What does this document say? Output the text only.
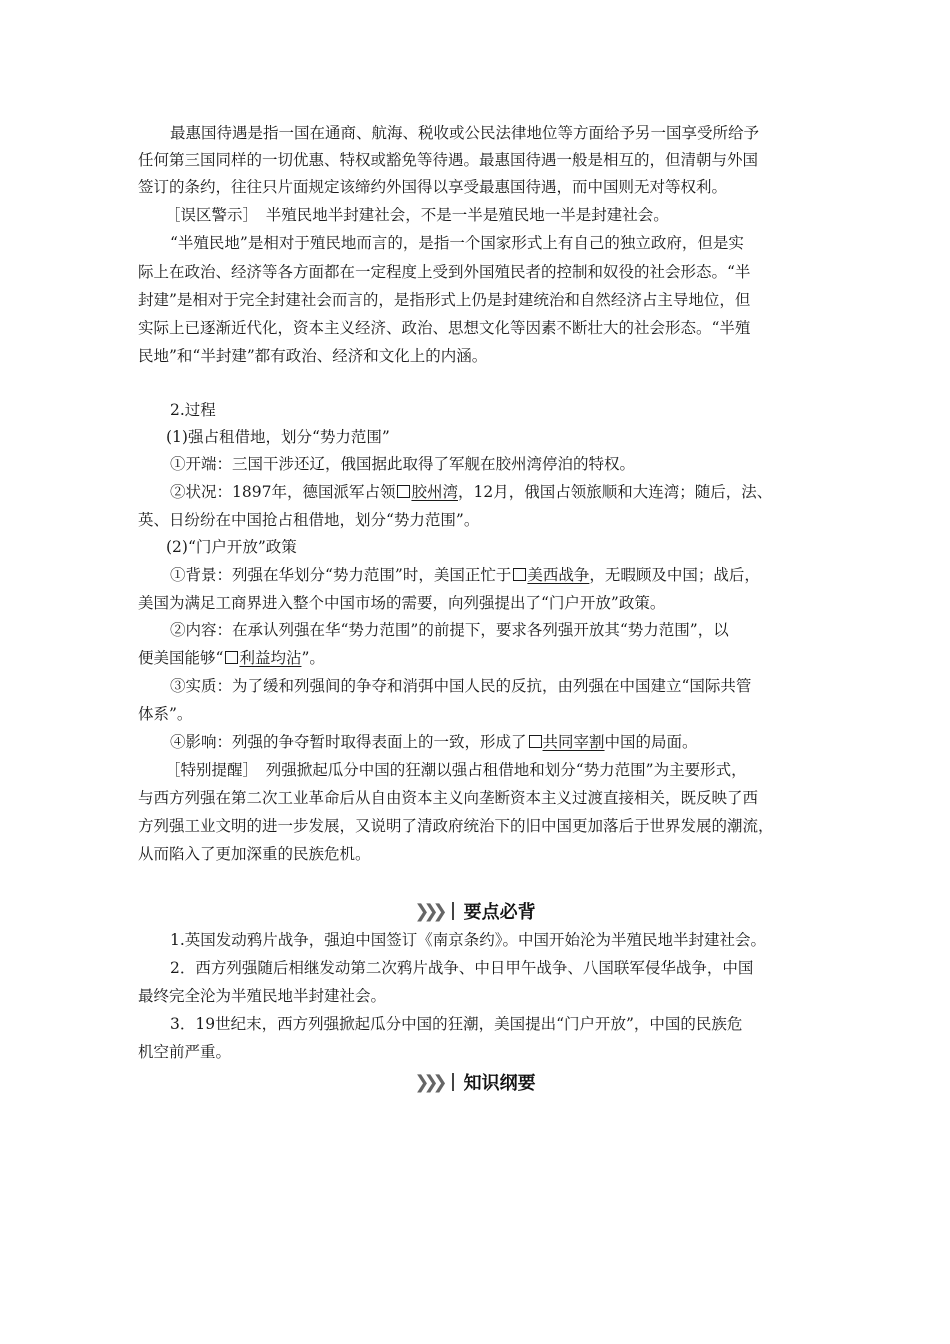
最惠国待遇是指一国在通商、航海、税收或公民法律地位等方面给予另一国享受所给予
任何第三国同样的一切优惠、特权或豁免等待遇。最惠国待遇一般是相互的，但清朝与外国
签订的条约，往往只片面规定该缔约外国得以享受最惠国待遇，而中国则无对等权利。
［误区警示］　半殖民地半封建社会，不是一半是殖民地一半是封建社会。
“半殖民地”是相对于殖民地而言的，是指一个国家形式上有自己的独立政府，但是实
际上在政治、经济等各方面都在一定程度上受到外国殖民者的控制和奴役的社会形态。“半
封建”是相对于完全封建社会而言的，是指形式上仍是封建统治和自然经济占主导地位，但
实际上已逐渐近代化，资本主义经济、政治、思想文化等因素不断壮大的社会形态。“半殖
民地”和“半封建”都有政治、经济和文化上的内涵。
2.过程
(1)强占租借地，划分“势力范围”
①开端：三国干涉还辽，俄国据此取得了军舰在胶州湾停泊的特权。
②状况：1897年，德国派军占领 胶州湾，12月，俄国占领旅顺和大连湾；随后，法、
英、日纷纷在中国抢占租借地，划分“势力范围”。
(2)“门户开放”政策
①背景：列强在华划分“势力范围”时，美国正忙于 美西战争，无暇顾及中国；战后，
美国为满足工商界进入整个中国市场的需要，向列强提出了“门户开放”政策。
②内容：在承认列强在华“势力范围”的前提下，要求各列强开放其“势力范围”，以
便美国能够“ 利益均沾”。
③实质：为了缓和列强间的争夺和消弭中国人民的反抗，由列强在中国建立“国际共管
体系”。
④影响：列强的争夺暂时取得表面上的一致，形成了 共同宰割中国的局面。
［特别提醒］　列强掀起瓜分中国的狂潮以强占租借地和划分“势力范围”为主要形式，
与西方列强在第二次工业革命后从自由资本主义向垄断资本主义过渡直接相关，既反映了西
方列强工业文明的进一步发展，又说明了清政府统治下的旧中国更加落后于世界发展的潮流，
从而陷入了更加深重的民族危机。
❯❯❯ 要点必背
1.英国发动鸦片战争，强迫中国签订《南京条约》。中国开始沦为半殖民地半封建社会。
2．西方列强随后相继发动第二次鸦片战争、中日甲午战争、八国联军侵华战争，中国
最终完全沦为半殖民地半封建社会。
3．19世纪末，西方列强掀起瓜分中国的狂潮，美国提出“门户开放”，中国的民族危
机空前严重。
❯❯❯ 知识纲要
